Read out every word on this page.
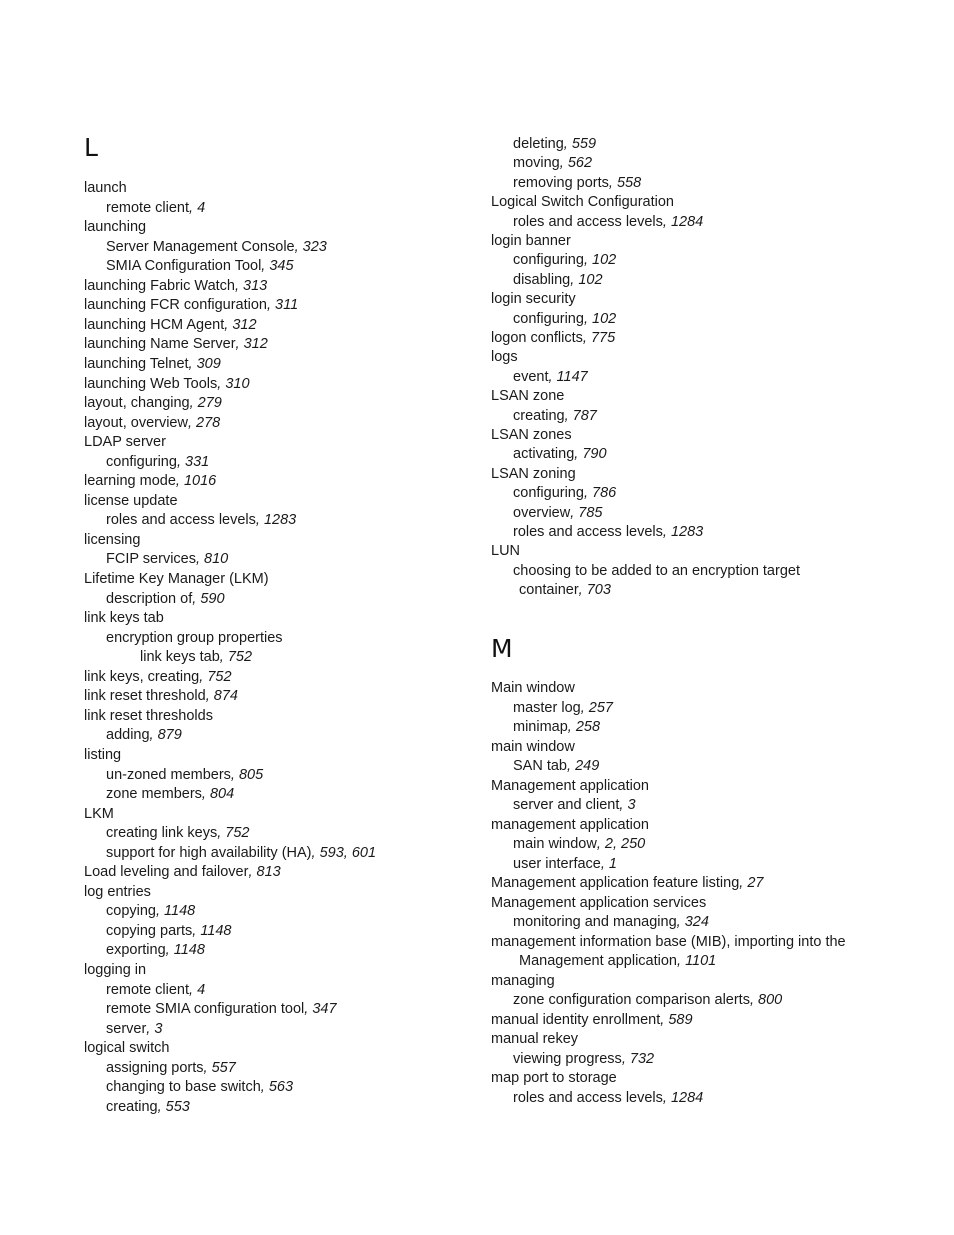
L
launch
remote client, 4
launching
Server Management Console, 323
SMIA Configuration Tool, 345
launching Fabric Watch, 313
launching FCR configuration, 311
launching HCM Agent, 312
launching Name Server, 312
launching Telnet, 309
launching Web Tools, 310
layout, changing, 279
layout, overview, 278
LDAP server
configuring, 331
learning mode, 1016
license update
roles and access levels, 1283
licensing
FCIP services, 810
Lifetime Key Manager (LKM)
description of, 590
link keys tab
encryption group properties
link keys tab, 752
link keys, creating, 752
link reset threshold, 874
link reset thresholds
adding, 879
listing
un-zoned members, 805
zone members, 804
LKM
creating link keys, 752
support for high availability (HA), 593, 601
Load leveling and failover, 813
log entries
copying, 1148
copying parts, 1148
exporting, 1148
logging in
remote client, 4
remote SMIA configuration tool, 347
server, 3
logical switch
assigning ports, 557
changing to base switch, 563
creating, 553
deleting, 559
moving, 562
removing ports, 558
Logical Switch Configuration
roles and access levels, 1284
login banner
configuring, 102
disabling, 102
login security
configuring, 102
logon conflicts, 775
logs
event, 1147
LSAN zone
creating, 787
LSAN zones
activating, 790
LSAN zoning
configuring, 786
overview, 785
roles and access levels, 1283
LUN
choosing to be added to an encryption target
container, 703
M
Main window
master log, 257
minimap, 258
main window
SAN tab, 249
Management application
server and client, 3
management application
main window, 2, 250
user interface, 1
Management application feature listing, 27
Management application services
monitoring and managing, 324
management information base (MIB), importing into the
Management application, 1101
managing
zone configuration comparison alerts, 800
manual identity enrollment, 589
manual rekey
viewing progress, 732
map port to storage
roles and access levels, 1284
